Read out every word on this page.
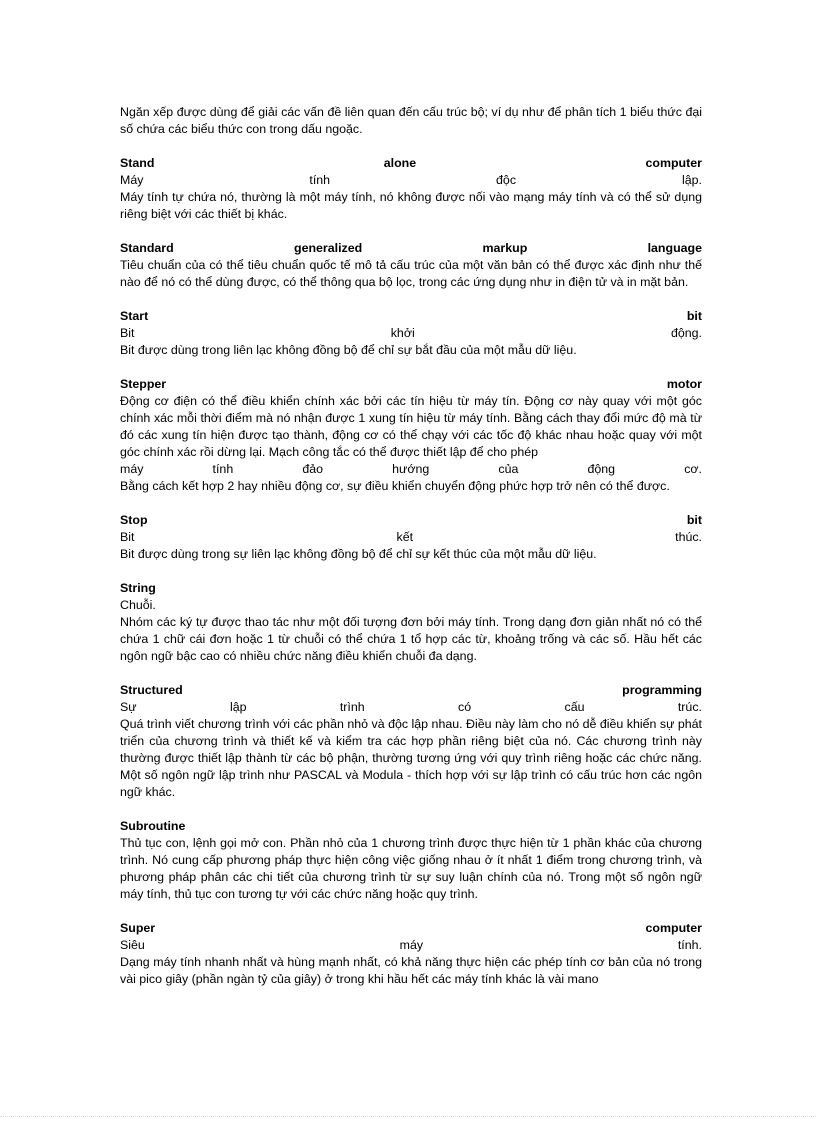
Ngăn xếp được dùng để giải các vấn đề liên quan đến cấu trúc bộ; ví dụ như để phân tích 1 biểu thức đại số chứa các biểu thức con trong dấu ngoặc.

Stand	alone	computer
Máy	tính	độc	lập.

Máy tính tự chứa nó, thường là một máy tính, nó không được nối vào mạng máy tính và có thể sử dụng riêng biệt với các thiết bị khác.

Standard	generalized	markup	language

Tiêu chuẩn của có thể tiêu chuẩn quốc tế mô tả cấu trúc của một văn bản có thể được xác định như thế nào để nó có thể dùng được, có thể thông qua bộ lọc, trong các ứng dụng như in điện tử và in mặt bản.

Start	bit
Bit	khởi	động.

Bit được dùng trong liên lạc không đồng bộ để chỉ sự bắt đầu của một mẫu dữ liệu.

Stepper	motor

Động cơ điện có thể điều khiển chính xác bởi các tín hiệu từ máy tín. Động cơ này quay với một góc chính xác mỗi thời điểm mà nó nhận được 1 xung tín hiệu từ máy tính. Bằng cách thay đổi mức độ mà từ đó các xung tín hiện được tạo thành, động cơ có thể chạy với các tốc độ khác nhau hoặc quay với một góc chính xác rồi dừng lại. Mạch công tắc có thể được thiết lập để cho phép

máy	tính	đảo	hướng	của	động	cơ.

Bằng cách kết hợp 2 hay nhiều động cơ, sự điều khiển chuyển động phức hợp trở nên có thể được.

Stop	bit
Bit	kết	thúc.

Bit được dùng trong sự liên lạc không đồng bộ để chỉ sự kết thúc của một mẫu dữ liệu.

String
Chuỗi.

Nhóm các ký tự được thao tác như một đối tượng đơn bởi máy tính. Trong dạng đơn giản nhất nó có thể chứa 1 chữ cái đơn hoặc 1 từ chuỗi có thể chứa 1 tổ hợp các từ, khoảng trống và các số. Hầu hết các ngôn ngữ bậc cao có nhiều chức năng điều khiển chuỗi đa dạng.

Structured	programming
Sự	lập	trình	có	cấu	trúc.

Quá trình viết chương trình với các phần nhỏ và độc lập nhau. Điều này làm cho nó dễ điều khiển sự phát triển của chương trình và thiết kế và kiểm tra các hợp phần riêng biệt của nó. Các chương trình này thường được thiết lập thành từ các bộ phận, thường tương ứng với quy trình riêng hoặc các chức năng. Một số ngôn ngữ lập trình như PASCAL và Modula - thích hợp với sự lập trình có cấu trúc hơn các ngôn ngữ khác.

Subroutine

Thủ tục con, lệnh gọi mở con. Phần nhỏ của 1 chương trình được thực hiện từ 1 phần khác của chương trình. Nó cung cấp phương pháp thực hiện công việc giống nhau ở ít nhất 1 điểm trong chương trình, và phương pháp phân các chi tiết của chương trình từ sự suy luận chính của nó. Trong một số ngôn ngữ máy tính, thủ tục con tương tự với các chức năng hoặc quy trình.

Super	computer
Siêu	máy	tính.

Dạng máy tính nhanh nhất và hùng mạnh nhất, có khả năng thực hiện các phép tính cơ bản của nó trong vài pico giây (phần ngàn tỷ của giây) ở trong khi hầu hết các máy tính khác là vài mano
